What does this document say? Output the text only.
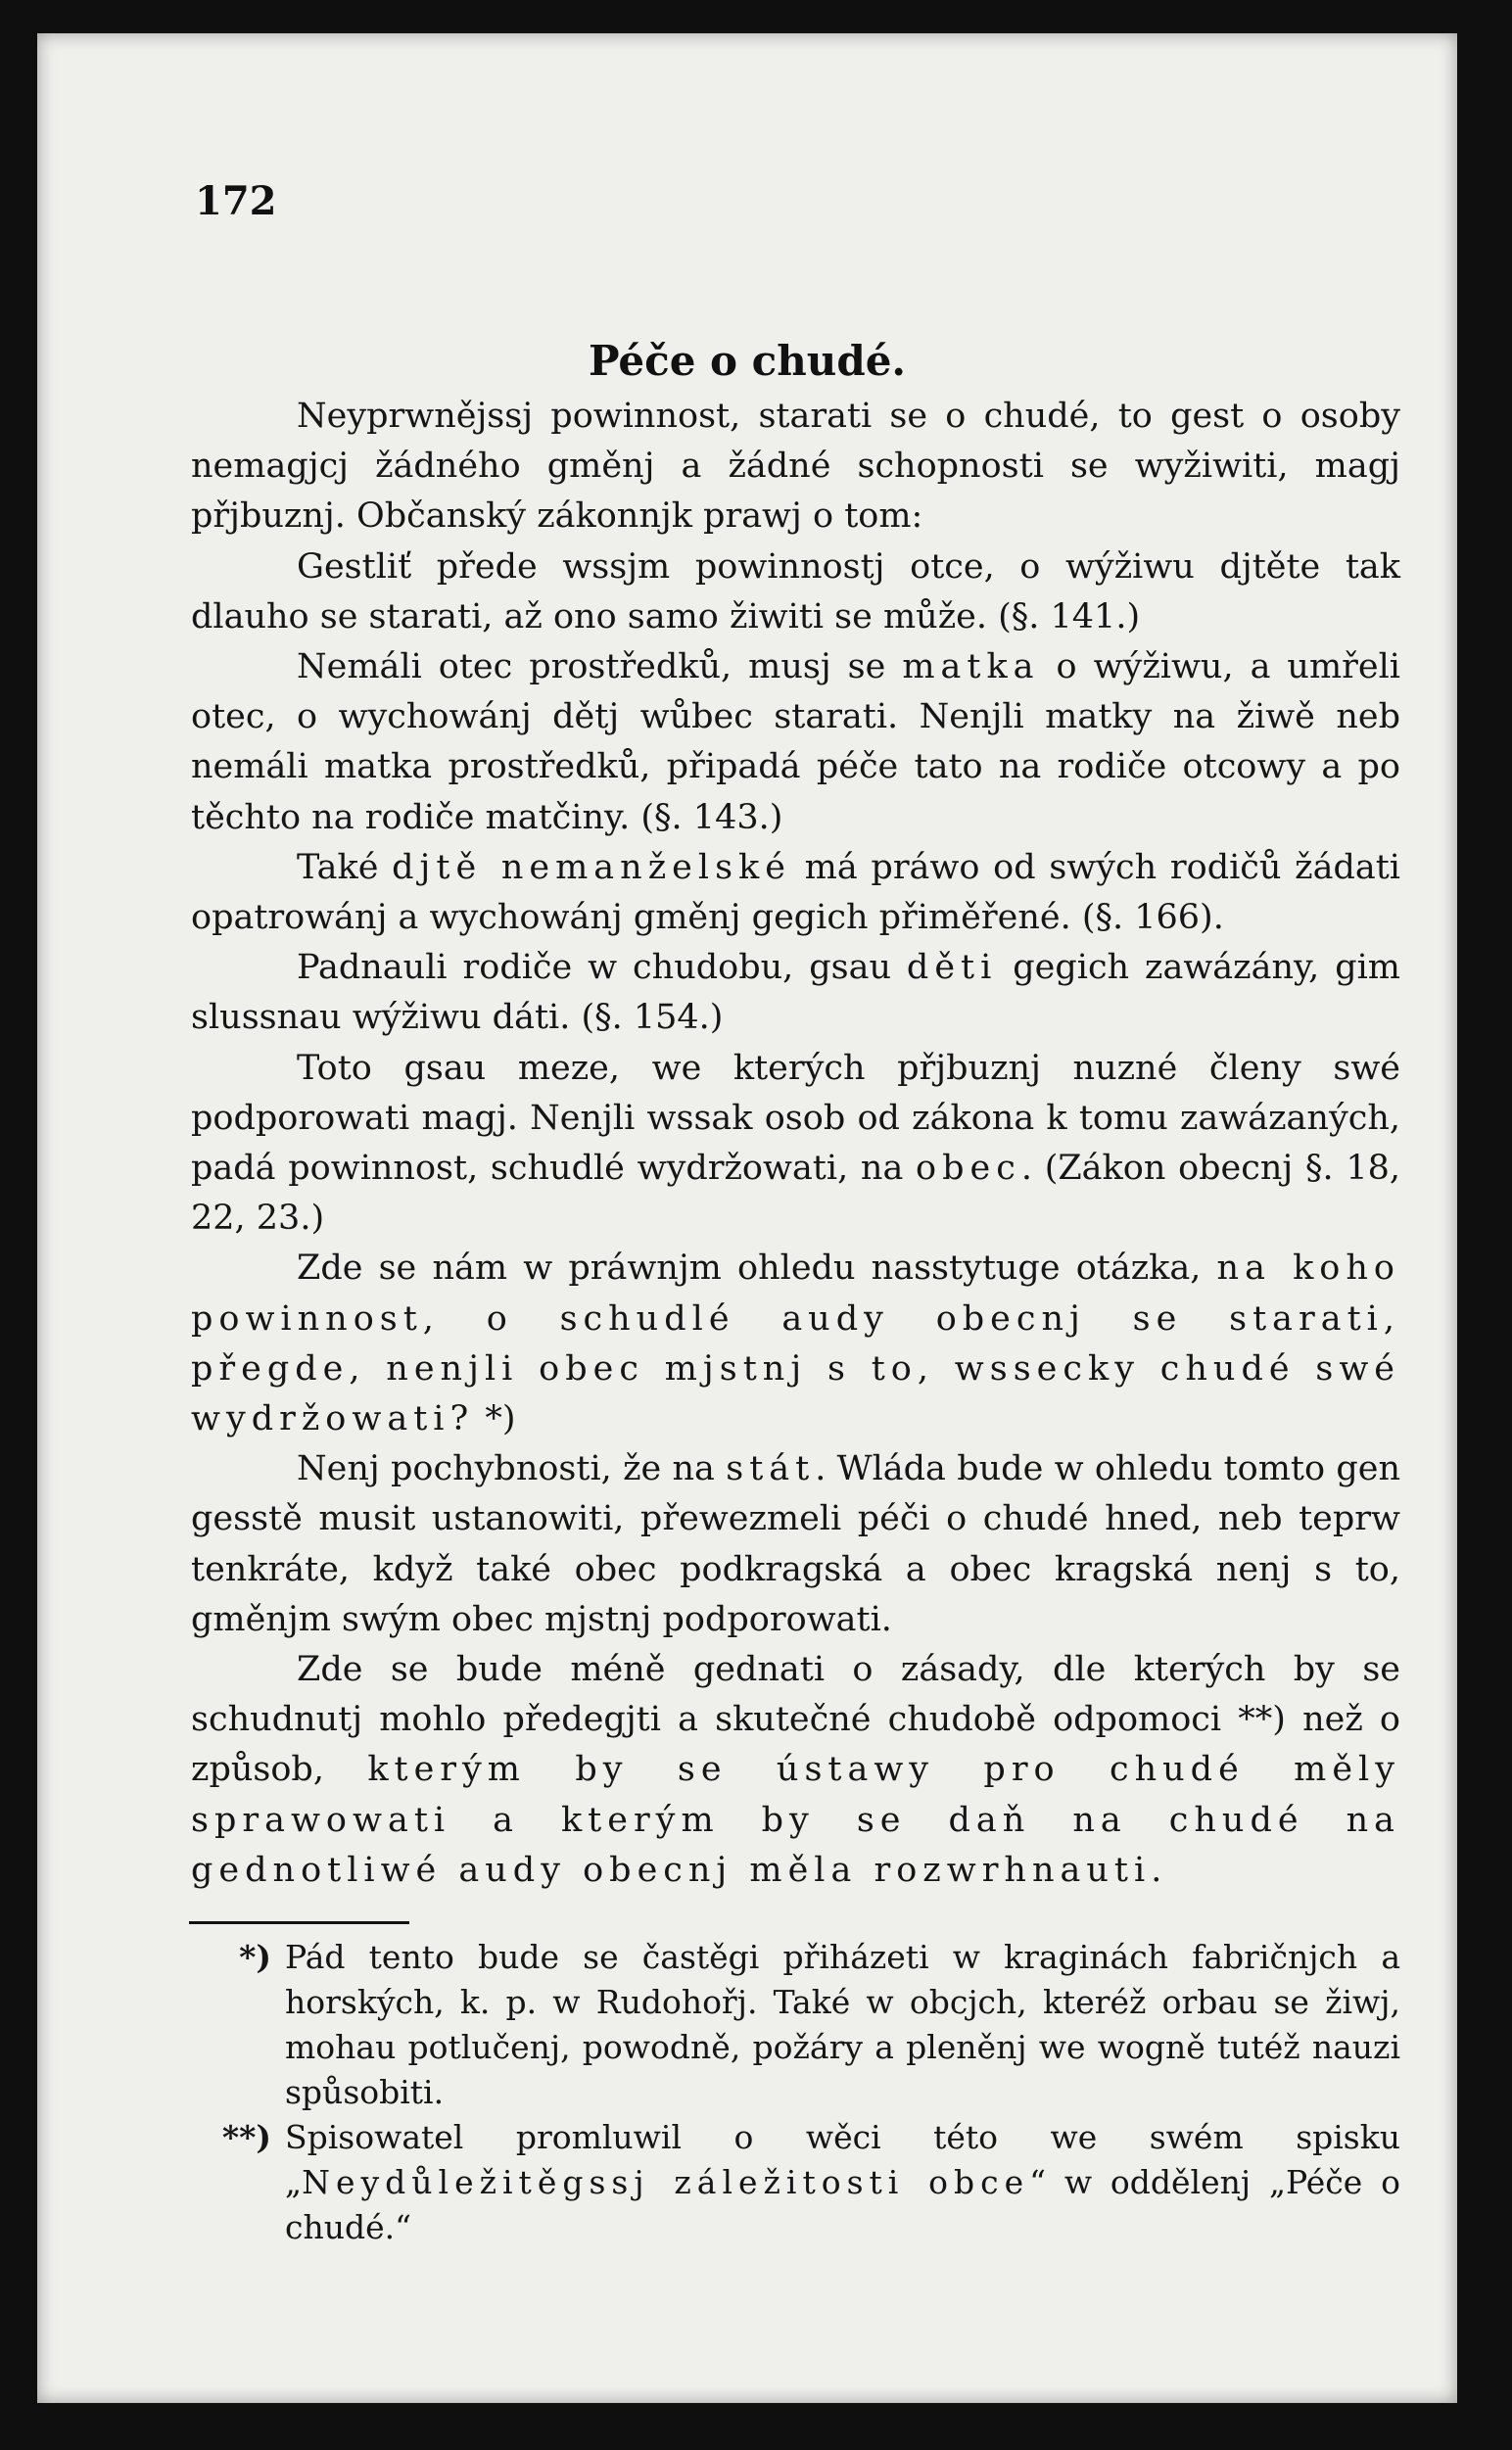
172
Péče o chudé.

Neyprwnějssj powinnost, starati se o chudé, to gest o osoby nemagjcj žádného gměnj a žádné schopnosti se wyžiwiti, magj přjbuznj. Občanský zákonnjk prawj o tom:

Gestliť přede wssjm powinnostj otce, o wýžiwu djtěte tak dlauho se starati, až ono samo žiwiti se může. (§. 141.)

Nemáli otec prostředků, musj se matka o wýžiwu, a umřeli otec, o wychowánj dětj wůbec starati. Nenjli matky na žiwě neb nemáli matka prostředků, připadá péče tato na rodiče otcowy a po těchto na rodiče matčiny. (§. 143.)

Také djtě nemanželské má práwo od swých rodičů žádati opatrowánj a wychowánj gměnj gegich přiměřené. (§. 166).

Padnauli rodiče w chudobu, gsau děti gegich zawázány, gim slussnau wýžiwu dáti. (§. 154.)

Toto gsau meze, we kterých přjbuznj nuzné členy swé podporowati magj. Nenjli wssak osob od zákona k tomu zawázaných, padá powinnost, schudlé wydržowati, na obec. (Zákon obecnj §. 18, 22, 23.)

Zde se nám w práwnjm ohledu nasstytuge otázka, na koho powinnost, o schudlé audy obecnj se starati, přegde, nenjli obec mjstnj s to, wssecky chudé swé wydržowati? *)

Nenj pochybnosti, že na stát. Wláda bude w ohledu tomto gen gesstě musit ustanowiti, přewezmeli péči o chudé hned, neb teprw tenkráte, když také obec podkragská a obec kragská nenj s to, gměnjm swým obec mjstnj podporowati.

Zde se bude méně gednati o zásady, dle kterých by se schudnutj mohlo předegjti a skutečné chudobě odpomoci **) než o způsob, kterým by se ústawy pro chudé měly sprawowati a kterým by se daň na chudé na gednotliwé audy obecnj měla rozwrhnauti.

*) Pád tento bude se častěgi přiházeti w kraginách fabričnjch a horských, k. p. w Rudohořj. Také w obcjch, kteréž orbau se žiwj, mohau potlučenj, powodně, požáry a pleněnj we wogně tutéž nauzi spůsobiti.
**) Spisowatel promluwil o wěci této we swém spisku „Neydůležitěgssj záležitosti obce“ w oddělenj „Péče o chudé.“
